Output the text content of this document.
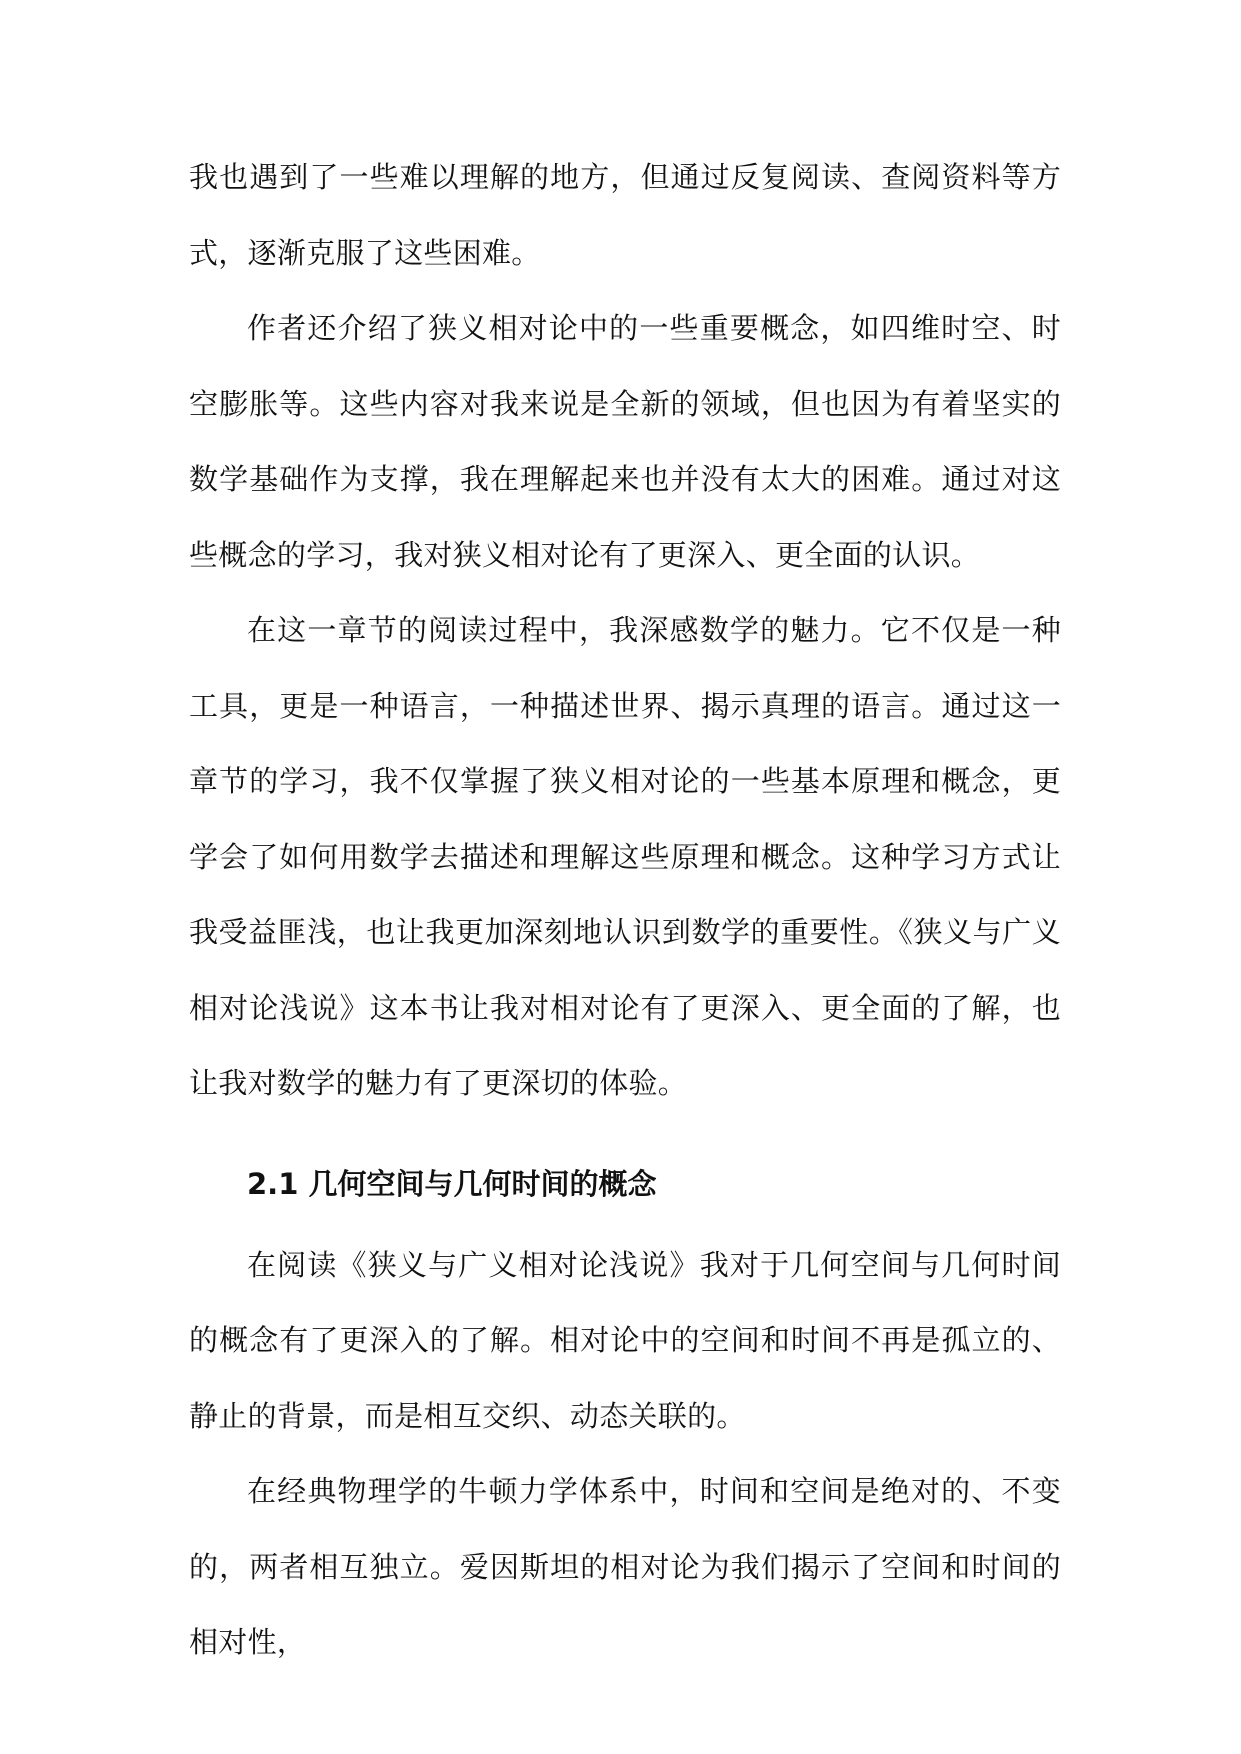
我也遇到了一些难以理解的地方，但通过反复阅读、查阅资料等方式，逐渐克服了这些困难。

作者还介绍了狭义相对论中的一些重要概念，如四维时空、时空膨胀等。这些内容对我来说是全新的领域，但也因为有着坚实的数学基础作为支撑，我在理解起来也并没有太大的困难。通过对这些概念的学习，我对狭义相对论有了更深入、更全面的认识。

在这一章节的阅读过程中，我深感数学的魅力。它不仅是一种工具，更是一种语言，一种描述世界、揭示真理的语言。通过这一章节的学习，我不仅掌握了狭义相对论的一些基本原理和概念，更学会了如何用数学去描述和理解这些原理和概念。这种学习方式让我受益匪浅，也让我更加深刻地认识到数学的重要性。《狭义与广义相对论浅说》这本书让我对相对论有了更深入、更全面的了解，也让我对数学的魅力有了更深切的体验。

2.1 几何空间与几何时间的概念

在阅读《狭义与广义相对论浅说》我对于几何空间与几何时间的概念有了更深入的了解。相对论中的空间和时间不再是孤立的、静止的背景，而是相互交织、动态关联的。

在经典物理学的牛顿力学体系中，时间和空间是绝对的、不变的，两者相互独立。爱因斯坦的相对论为我们揭示了空间和时间的相对性，
